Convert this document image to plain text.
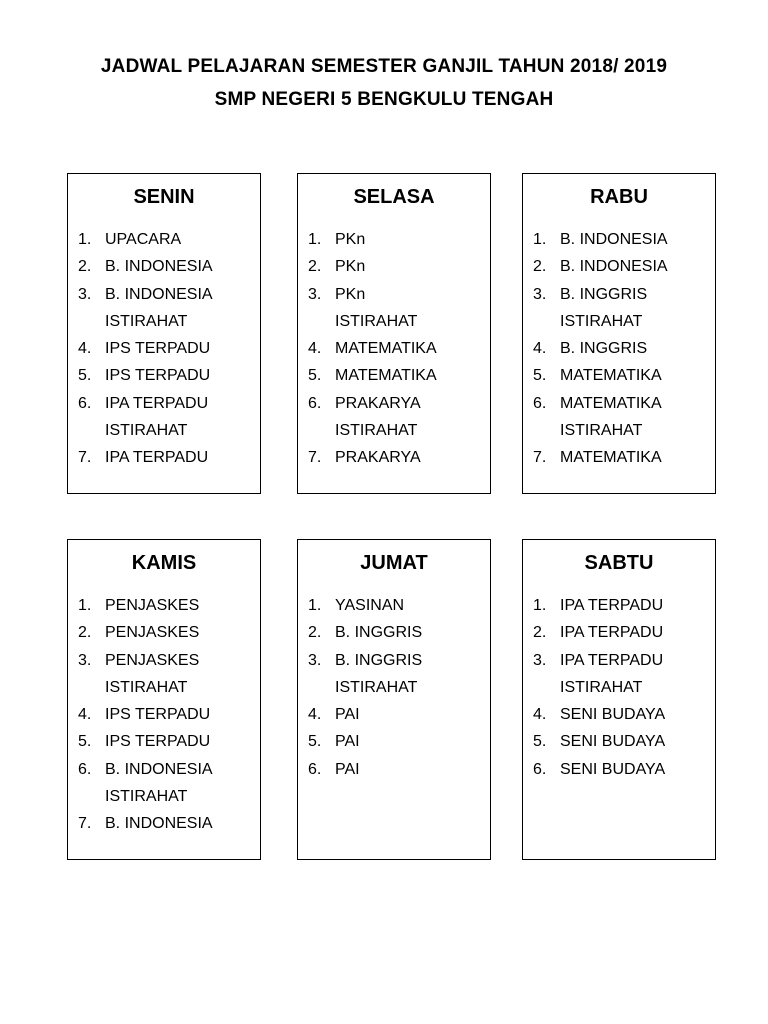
JADWAL PELAJARAN SEMESTER GANJIL TAHUN 2018/ 2019
SMP NEGERI 5 BENGKULU TENGAH
SENIN
1. UPACARA
2. B. INDONESIA
3. B. INDONESIA
ISTIRAHAT
4. IPS TERPADU
5. IPS TERPADU
6. IPA TERPADU
ISTIRAHAT
7. IPA TERPADU
SELASA
1. PKn
2. PKn
3. PKn
ISTIRAHAT
4. MATEMATIKA
5. MATEMATIKA
6. PRAKARYA
ISTIRAHAT
7. PRAKARYA
RABU
1. B. INDONESIA
2. B. INDONESIA
3. B. INGGRIS
ISTIRAHAT
4. B. INGGRIS
5. MATEMATIKA
6. MATEMATIKA
ISTIRAHAT
7. MATEMATIKA
KAMIS
1. PENJASKES
2. PENJASKES
3. PENJASKES
ISTIRAHAT
4. IPS TERPADU
5. IPS TERPADU
6. B. INDONESIA
ISTIRAHAT
7. B. INDONESIA
JUMAT
1. YASINAN
2. B. INGGRIS
3. B. INGGRIS
ISTIRAHAT
4. PAI
5. PAI
6. PAI
SABTU
1. IPA TERPADU
2. IPA TERPADU
3. IPA TERPADU
ISTIRAHAT
4. SENI BUDAYA
5. SENI BUDAYA
6. SENI BUDAYA
